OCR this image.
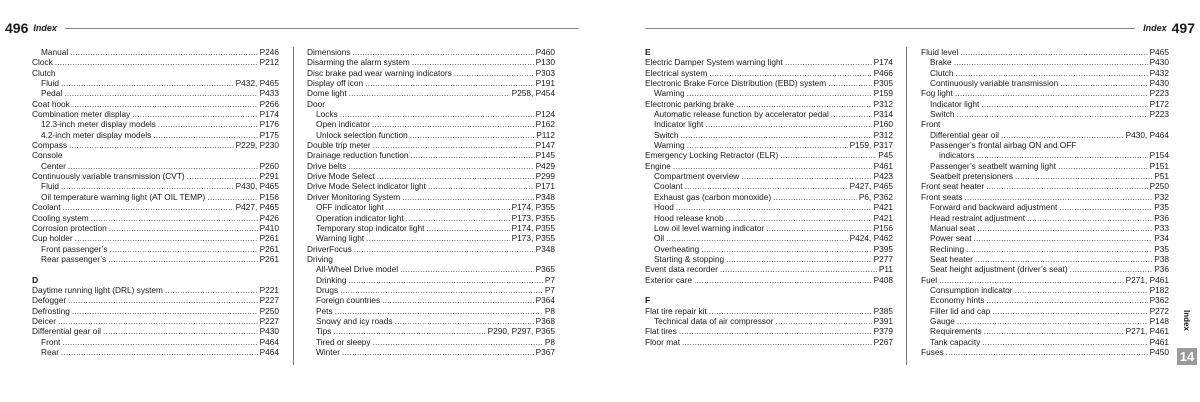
496 Index	Index 497
Manual .....	P246
Clock .....	P212
Clutch
Fluid .....	P432, P465
Pedal .....	P433
Coat hook .....	P266
Combination meter display .....	P174
12.3-inch meter display models .....	P176
4.2-inch meter display models .....	P175
Compass .....	P229, P230
Console
Center .....	P260
Continuously variable transmission (CVT) .....	P291
Fluid .....	P430, P465
Oil temperature warning light (AT OIL TEMP) .....	P156
Coolant .....	P427, P465
Cooling system .....	P426
Corrosion protection .....	P410
Cup holder .....	P261
Front passenger’s .....	P261
Rear passenger’s .....	P261
D
Daytime running light (DRL) system .....	P221
Defogger .....	P227
Defrosting .....	P250
Deicer .....	P227
Differential gear oil .....	P430
Front .....	P464
Rear .....	P464
Dimensions .....	P460
Disarming the alarm system .....	P130
Disc brake pad wear warning indicators .....	P303
Display off icon .....	P191
Dome light .....	P258, P454
Door
Locks .....	P124
Open indicator .....	P162
Unlock selection function .....	P112
Double trip meter .....	P147
Drainage reduction function .....	P145
Drive belts .....	P429
Drive Mode Select .....	P299
Drive Mode Select indicator light .....	P171
Driver Monitoring System .....	P348
OFF indicator light .....	P174, P355
Operation indicator light .....	P173, P355
Temporary stop indicator light .....	P174, P355
Warning light .....	P173, P355
DriverFocus .....	P348
Driving
All-Wheel Drive model .....	P365
Drinking .....	P7
Drugs .....	P7
Foreign countries .....	P364
Pets .....	P8
Snowy and icy roads .....	P368
Tips .....	P290, P297, P365
Tired or sleepy .....	P8
Winter .....	P367
E
Electric Damper System warning light .....	P174
Electrical system .....	P466
Electronic Brake Force Distribution (EBD) system .....	P305
Warning .....	P159
Electronic parking brake .....	P312
Automatic release function by accelerator pedal .....	P314
Indicator light .....	P160
Switch .....	P312
Warning .....	P159, P317
Emergency Locking Retractor (ELR) .....	P45
Engine .....	P461
Compartment overview .....	P423
Coolant .....	P427, P465
Exhaust gas (carbon monoxide) .....	P6, P362
Hood .....	P421
Hood release knob .....	P421
Low oil level warning indicator .....	P156
Oil .....	P424, P462
Overheating .....	P395
Starting & stopping .....	P277
Event data recorder .....	P11
Exterior care .....	P408
F
Flat tire repair kit .....	P385
Technical data of air compressor .....	P391
Flat tires .....	P379
Floor mat .....	P267
Fluid level .....	P465
Brake .....	P430
Clutch .....	P432
Continuously variable transmission .....	P430
Fog light .....	P223
Indicator light .....	P172
Switch .....	P223
Front
Differential gear oil .....	P430, P464
Passenger’s frontal airbag ON and OFF
indicators .....	P154
Passenger’s seatbelt warning light .....	P151
Seatbelt pretensioners .....	P51
Front seat heater .....	P250
Front seats .....	P32
Forward and backward adjustment .....	P35
Head restraint adjustment .....	P36
Manual seat .....	P33
Power seat .....	P34
Reclining .....	P35
Seat heater .....	P38
Seat height adjustment (driver’s seat) .....	P36
Fuel .....	P271, P461
Consumption indicator .....	P182
Economy hints .....	P362
Filler lid and cap .....	P272
Gauge .....	P148
Requirements .....	P271, P461
Tank capacity .....	P461
Fuses .....	P450
Index
14
